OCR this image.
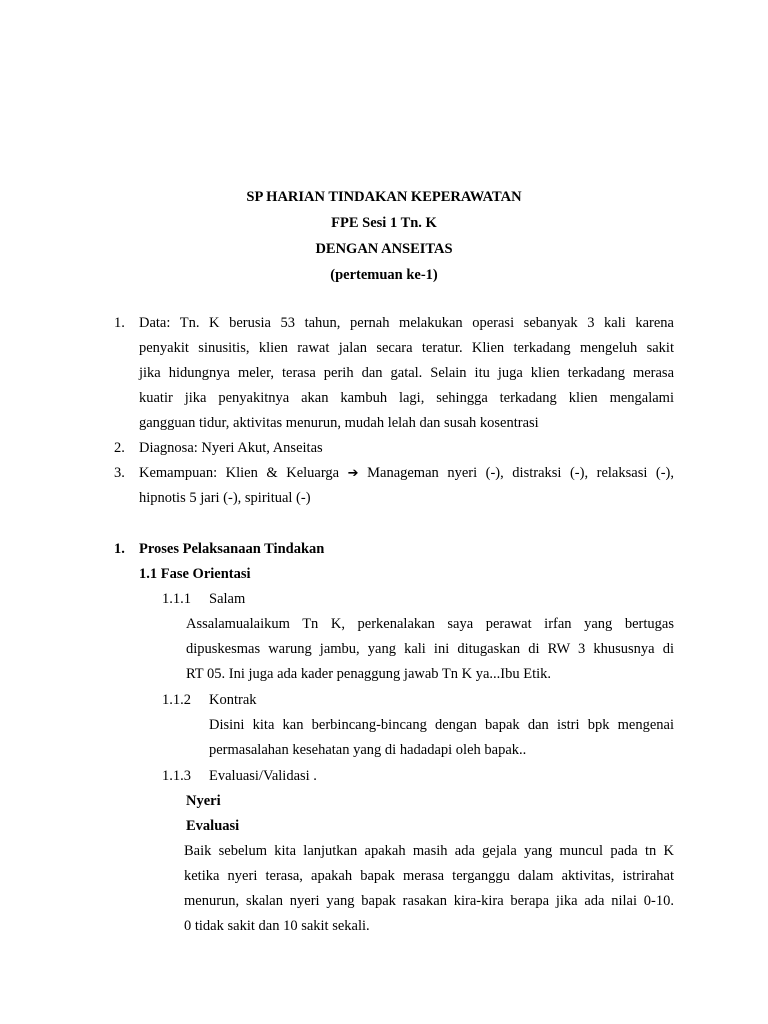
SP HARIAN TINDAKAN KEPERAWATAN
FPE Sesi 1 Tn. K
DENGAN ANSEITAS
(pertemuan ke-1)
1. Data: Tn. K berusia 53 tahun, pernah melakukan operasi sebanyak 3 kali karena
penyakit sinusitis, klien rawat jalan secara teratur. Klien terkadang mengeluh sakit
jika hidungnya meler, terasa perih dan gatal. Selain itu juga klien terkadang merasa
kuatir jika penyakitnya akan kambuh lagi, sehingga terkadang klien mengalami
gangguan tidur, aktivitas menurun, mudah lelah dan susah kosentrasi
2. Diagnosa: Nyeri Akut, Anseitas
3. Kemampuan: Klien & Keluarga ➔ Manageman nyeri (-), distraksi (-), relaksasi (-),
hipnotis 5 jari (-), spiritual (-)
1. Proses Pelaksanaan Tindakan
1.1 Fase Orientasi
1.1.1 Salam
Assalamualaikum Tn K, perkenalakan saya perawat irfan yang bertugas
dipuskesmas warung jambu, yang kali ini ditugaskan di RW 3 khususnya di
RT 05. Ini juga ada kader penaggung jawab Tn K ya...Ibu Etik.
1.1.2 Kontrak
Disini kita kan berbincang-bincang dengan bapak dan istri bpk mengenai
permasalahan kesehatan yang di hadadapi oleh bapak..
1.1.3 Evaluasi/Validasi .
Nyeri
Evaluasi
Baik sebelum kita lanjutkan apakah masih ada gejala yang muncul pada tn K
ketika nyeri terasa, apakah bapak merasa terganggu dalam aktivitas, istrirahat
menurun, skalan nyeri yang bapak rasakan kira-kira berapa jika ada nilai 0-10.
0 tidak sakit dan 10 sakit sekali.
